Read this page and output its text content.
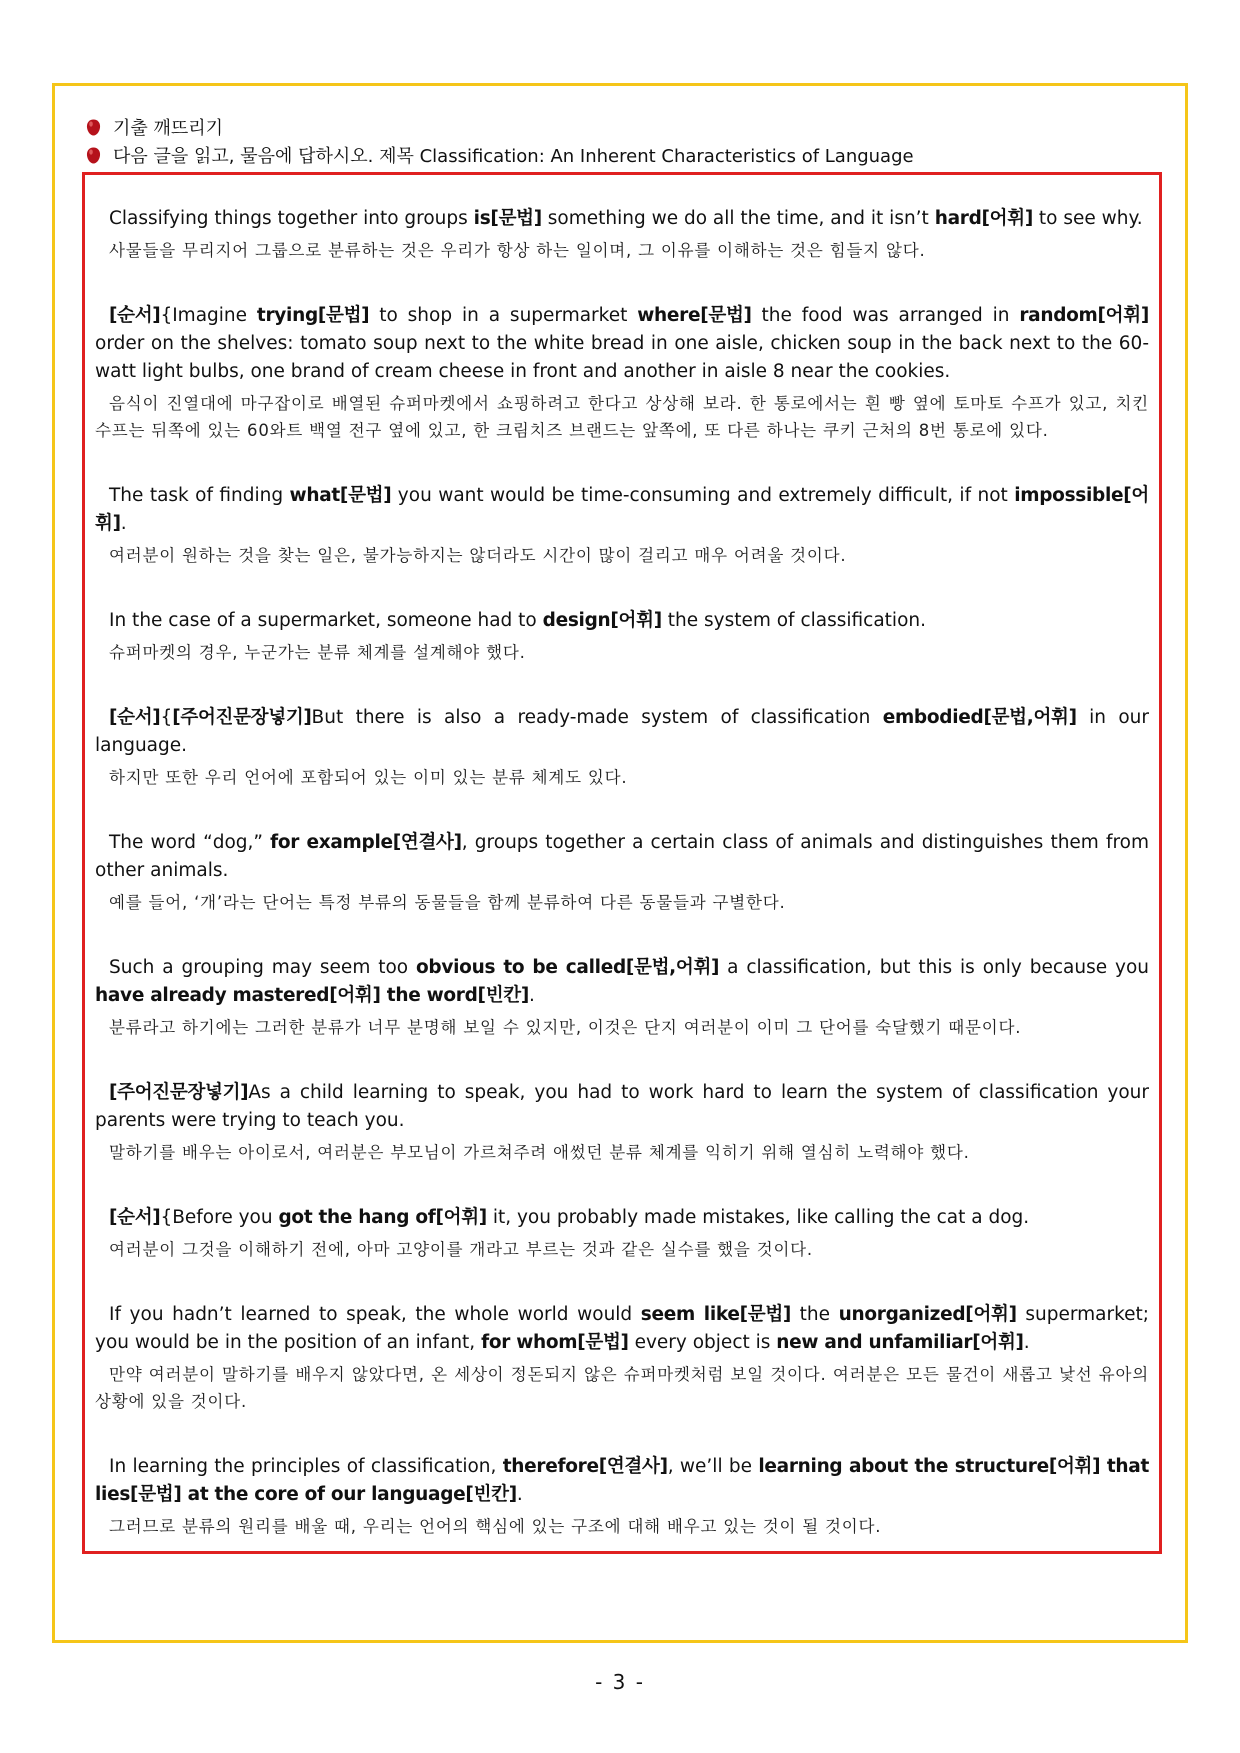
기출 깨뜨리기
다음 글을 읽고, 물음에 답하시오. 제목 Classification: An Inherent Characteristics of Language

Classifying things together into groups is[문법] something we do all the time, and it isn’t hard[어휘] to see why.

사물들을 무리지어 그룹으로 분류하는 것은 우리가 항상 하는 일이며, 그 이유를 이해하는 것은 힘들지 않다.

[순서]{Imagine trying[문법] to shop in a supermarket where[문법] the food was arranged in random[어휘] order on the shelves: tomato soup next to the white bread in one aisle, chicken soup in the back next to the 60-watt light bulbs, one brand of cream cheese in front and another in aisle 8 near the cookies.

음식이 진열대에 마구잡이로 배열된 슈퍼마켓에서 쇼핑하려고 한다고 상상해 보라. 한 통로에서는 흰 빵 옆에 토마토 수프가 있고, 치킨 수프는 뒤쪽에 있는 60와트 백열 전구 옆에 있고, 한 크림치즈 브랜드는 앞쪽에, 또 다른 하나는 쿠키 근처의 8번 통로에 있다.

The task of finding what[문법] you want would be time-consuming and extremely difficult, if not impossible[어휘].

여러분이 원하는 것을 찾는 일은, 불가능하지는 않더라도 시간이 많이 걸리고 매우 어려울 것이다.

In the case of a supermarket, someone had to design[어휘] the system of classification.

슈퍼마켓의 경우, 누군가는 분류 체계를 설계해야 했다.

[순서]{[주어진문장넣기]But there is also a ready-made system of classification embodied[문법,어휘] in our language.

하지만 또한 우리 언어에 포함되어 있는 이미 있는 분류 체계도 있다.

The word “dog,” for example[연결사], groups together a certain class of animals and distinguishes them from other animals.

예를 들어, ‘개’라는 단어는 특정 부류의 동물들을 함께 분류하여 다른 동물들과 구별한다.

Such a grouping may seem too obvious to be called[문법,어휘] a classification, but this is only because you have already mastered[어휘] the word[빈칸].

분류라고 하기에는 그러한 분류가 너무 분명해 보일 수 있지만, 이것은 단지 여러분이 이미 그 단어를 숙달했기 때문이다.

[주어진문장넣기]As a child learning to speak, you had to work hard to learn the system of classification your parents were trying to teach you.

말하기를 배우는 아이로서, 여러분은 부모님이 가르쳐주려 애썼던 분류 체계를 익히기 위해 열심히 노력해야 했다.

[순서]{Before you got the hang of[어휘] it, you probably made mistakes, like calling the cat a dog.

여러분이 그것을 이해하기 전에, 아마 고양이를 개라고 부르는 것과 같은 실수를 했을 것이다.

If you hadn’t learned to speak, the whole world would seem like[문법] the unorganized[어휘] supermarket; you would be in the position of an infant, for whom[문법] every object is new and unfamiliar[어휘].

만약 여러분이 말하기를 배우지 않았다면, 온 세상이 정돈되지 않은 슈퍼마켓처럼 보일 것이다. 여러분은 모든 물건이 새롭고 낯선 유아의 상황에 있을 것이다.

In learning the principles of classification, therefore[연결사], we’ll be learning about the structure[어휘] that lies[문법] at the core of our language[빈칸].

그러므로 분류의 원리를 배울 때, 우리는 언어의 핵심에 있는 구조에 대해 배우고 있는 것이 될 것이다.

- 3 -
